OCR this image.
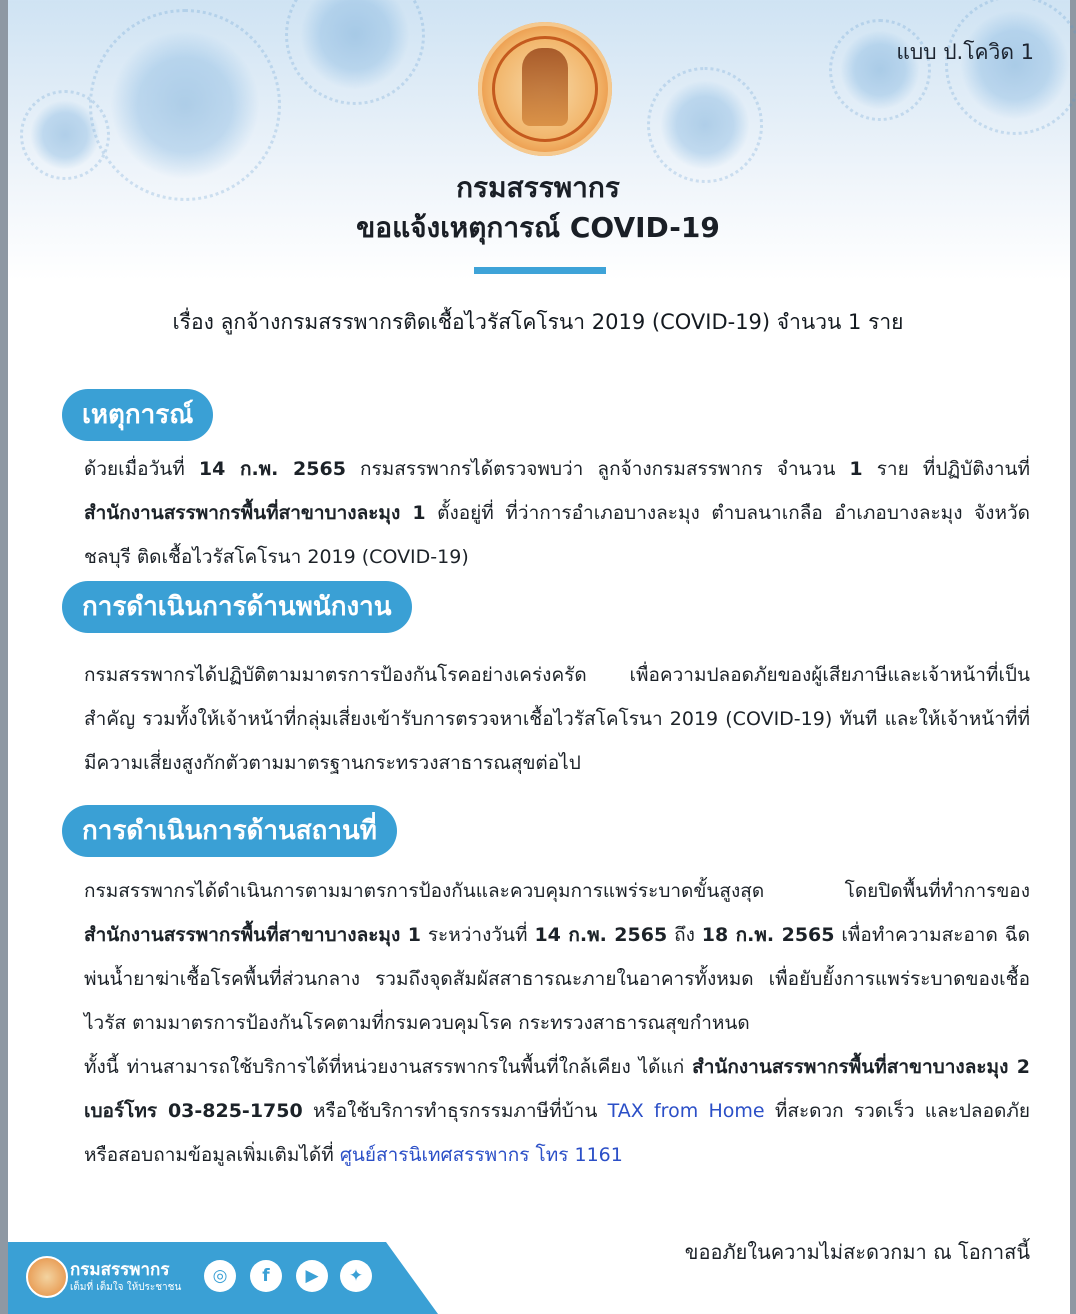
แบบ ป.โควิด 1
กรมสรรพากร
ขอแจ้งเหตุการณ์ COVID-19
เรื่อง ลูกจ้างกรมสรรพากรติดเชื้อไวรัสโคโรนา 2019 (COVID-19) จำนวน 1 ราย
เหตุการณ์
ด้วยเมื่อวันที่ 14 ก.พ. 2565 กรมสรรพากรได้ตรวจพบว่า ลูกจ้างกรมสรรพากร จำนวน 1 ราย ที่ปฏิบัติงานที่ สำนักงานสรรพากรพื้นที่สาขาบางละมุง 1 ตั้งอยู่ที่ ที่ว่าการอำเภอบางละมุง ตำบลนาเกลือ อำเภอบางละมุง จังหวัดชลบุรี ติดเชื้อไวรัสโคโรนา 2019 (COVID-19)
การดำเนินการด้านพนักงาน
กรมสรรพากรได้ปฏิบัติตามมาตรการป้องกันโรคอย่างเคร่งครัด เพื่อความปลอดภัยของผู้เสียภาษีและเจ้าหน้าที่เป็นสำคัญ รวมทั้งให้เจ้าหน้าที่กลุ่มเสี่ยงเข้ารับการตรวจหาเชื้อไวรัสโคโรนา 2019 (COVID-19) ทันที และให้เจ้าหน้าที่ที่มีความเสี่ยงสูงกักตัวตามมาตรฐานกระทรวงสาธารณสุขต่อไป
การดำเนินการด้านสถานที่
กรมสรรพากรได้ดำเนินการตามมาตรการป้องกันและควบคุมการแพร่ระบาดขั้นสูงสุด โดยปิดพื้นที่ทำการของ สำนักงานสรรพากรพื้นที่สาขาบางละมุง 1 ระหว่างวันที่ 14 ก.พ. 2565 ถึง 18 ก.พ. 2565 เพื่อทำความสะอาด ฉีดพ่นน้ำยาฆ่าเชื้อโรคพื้นที่ส่วนกลาง รวมถึงจุดสัมผัสสาธารณะภายในอาคารทั้งหมด เพื่อยับยั้งการแพร่ระบาดของเชื้อไวรัส ตามมาตรการป้องกันโรคตามที่กรมควบคุมโรค กระทรวงสาธารณสุขกำหนด
ทั้งนี้ ท่านสามารถใช้บริการได้ที่หน่วยงานสรรพากรในพื้นที่ใกล้เคียง ได้แก่ สำนักงานสรรพากรพื้นที่สาขาบางละมุง 2 เบอร์โทร 03-825-1750 หรือใช้บริการทำธุรกรรมภาษีที่บ้าน TAX from Home ที่สะดวก รวดเร็ว และปลอดภัย หรือสอบถามข้อมูลเพิ่มเติมได้ที่ ศูนย์สารนิเทศสรรพากร โทร 1161
ขออภัยในความไม่สะดวกมา ณ โอกาสนี้
กรมสรรพากร
เต็มที่ เต็มใจ ให้ประชาชน
◎	f	▶	✦
